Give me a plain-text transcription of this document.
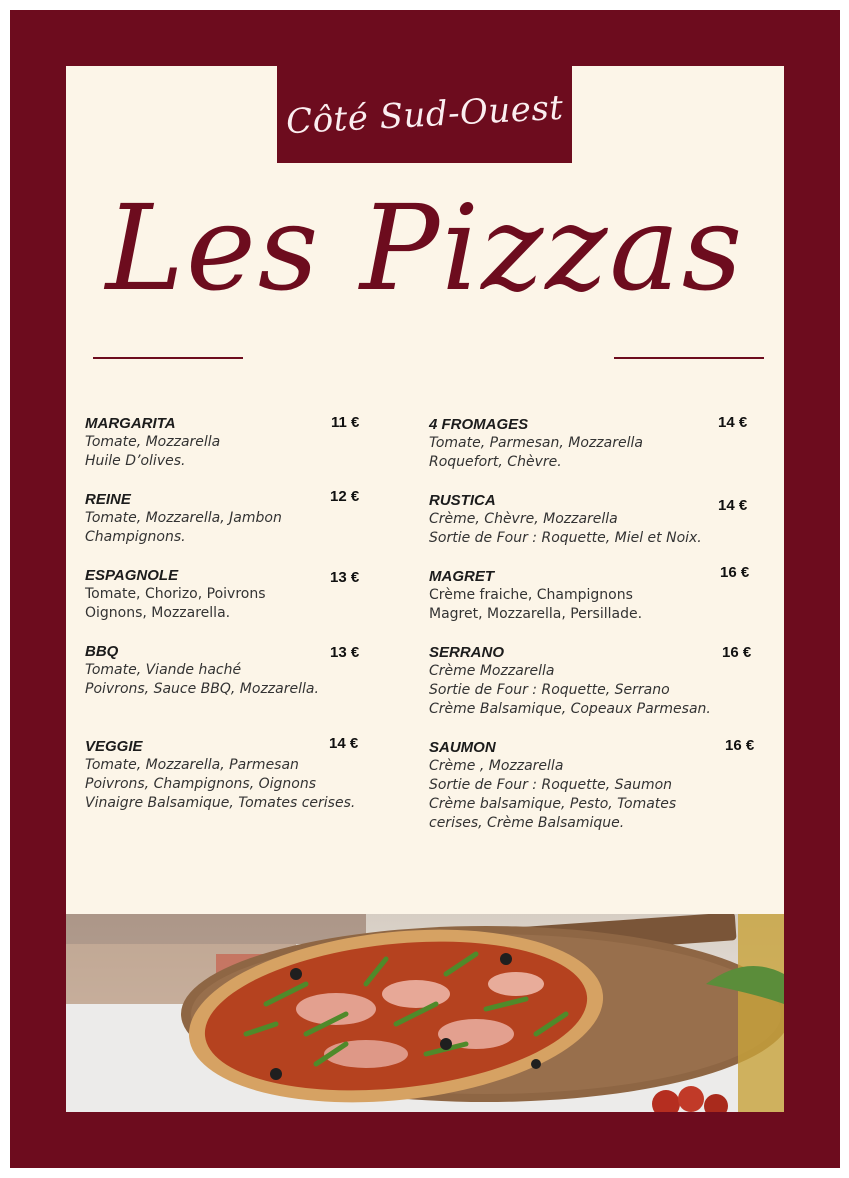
Côté Sud-Ouest
Les Pizzas
MARGARITA
Tomate, Mozzarella
Huile D’olives.
11 €
REINE
Tomate, Mozzarella, Jambon
Champignons.
12 €
ESPAGNOLE
Tomate, Chorizo, Poivrons
Oignons, Mozzarella.
13 €
BBQ
Tomate, Viande haché
Poivrons, Sauce BBQ, Mozzarella.
13 €
VEGGIE
Tomate, Mozzarella, Parmesan
Poivrons, Champignons, Oignons
Vinaigre Balsamique, Tomates cerises.
14 €
4 FROMAGES
Tomate, Parmesan, Mozzarella
Roquefort, Chèvre.
14 €
RUSTICA
Crème, Chèvre, Mozzarella
Sortie de Four : Roquette, Miel et Noix.
14 €
MAGRET
Crème fraiche, Champignons
Magret, Mozzarella, Persillade.
16 €
SERRANO
Crème Mozzarella
Sortie de Four : Roquette, Serrano
Crème Balsamique, Copeaux Parmesan.
16 €
SAUMON
Crème , Mozzarella
Sortie de Four : Roquette, Saumon
Crème balsamique, Pesto, Tomates
cerises, Crème Balsamique.
16 €
